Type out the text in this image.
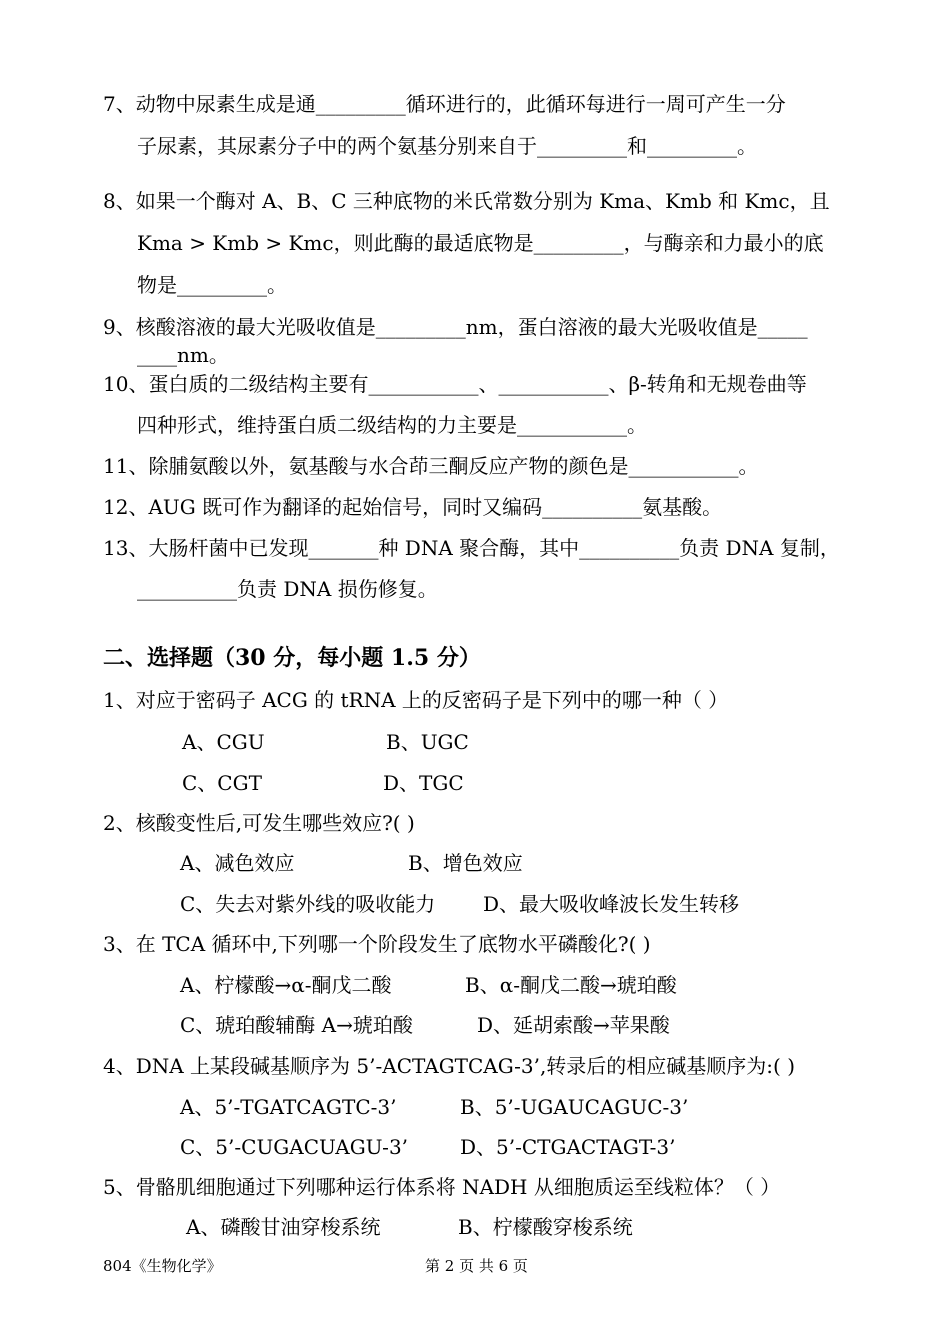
7、动物中尿素生成是通_________循环进行的，此循环每进行一周可产生一分
子尿素，其尿素分子中的两个氨基分别来自于_________和_________。
8、如果一个酶对 A、B、C 三种底物的米氏常数分别为 Kma、Kmb 和 Kmc，且
Kma > Kmb > Kmc，则此酶的最适底物是_________，与酶亲和力最小的底
物是_________。
9、核酸溶液的最大光吸收值是_________nm，蛋白溶液的最大光吸收值是_____
____nm。
10、蛋白质的二级结构主要有___________、___________、β-转角和无规卷曲等
四种形式，维持蛋白质二级结构的力主要是___________。
11、除脯氨酸以外，氨基酸与水合茚三酮反应产物的颜色是___________。
12、AUG 既可作为翻译的起始信号，同时又编码__________氨基酸。
13、大肠杆菌中已发现_______种 DNA 聚合酶，其中__________负责 DNA 复制，
__________负责 DNA 损伤修复。
二、选择题（30 分，每小题 1.5 分）
1、对应于密码子 ACG 的 tRNA 上的反密码子是下列中的哪一种（ ）
A、CGU	B、UGC
C、CGT	D、TGC
2、核酸变性后,可发生哪些效应?( )
A、减色效应	B、增色效应
C、失去对紫外线的吸收能力 D、最大吸收峰波长发生转移
3、在 TCA 循环中,下列哪一个阶段发生了底物水平磷酸化?( )
A、柠檬酸→α-酮戊二酸	B、α-酮戊二酸→琥珀酸
C、琥珀酸辅酶 A→琥珀酸	D、延胡索酸→苹果酸
4、DNA 上某段碱基顺序为 5’-ACTAGTCAG-3’,转录后的相应碱基顺序为:( )
A、5’-TGATCAGTC-3’	B、5’-UGAUCAGUC-3’
C、5’-CUGACUAGU-3’	D、5’-CTGACTAGT-3’
5、骨骼肌细胞通过下列哪种运行体系将 NADH 从细胞质运至线粒体？（ ）
A、磷酸甘油穿梭系统	B、柠檬酸穿梭系统
804《生物化学》	第 2 页 共 6 页
